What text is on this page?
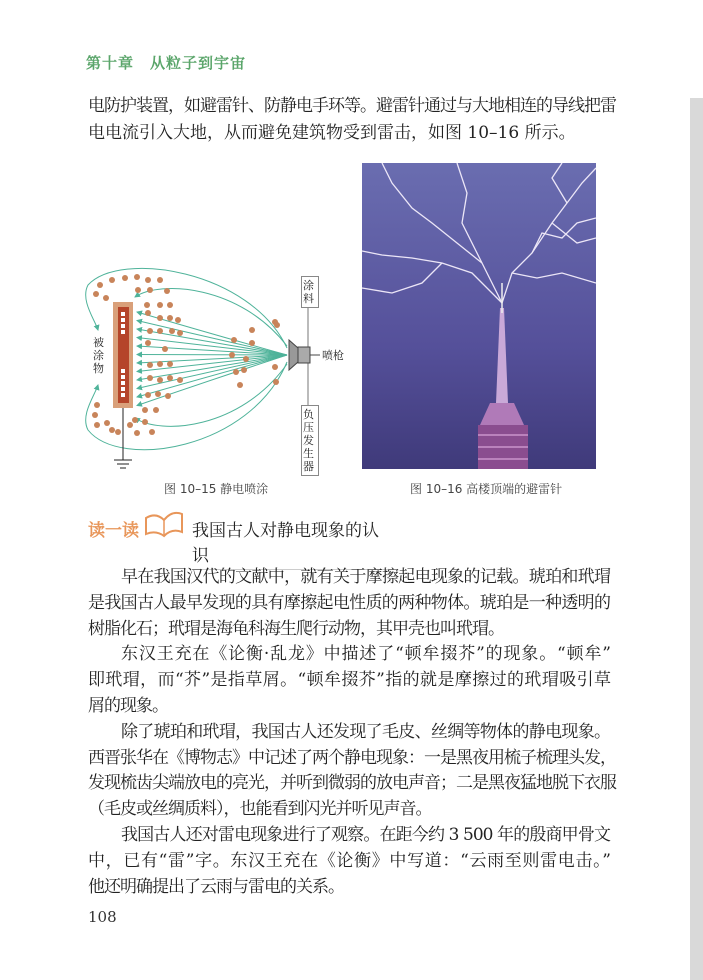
第十章　从粒子到宇宙
电防护装置，如避雷针、防静电手环等。避雷针通过与大地相连的导线把雷
电电流引入大地，从而避免建筑物受到雷击，如图 10–16 所示。
图 10–15 静电喷涂
被涂物
涂料
喷枪
负压发生器
图 10–16 高楼顶端的避雷针
读一读	我国古人对静电现象的认识
早在我国汉代的文献中，就有关于摩擦起电现象的记载。琥珀和玳瑁
是我国古人最早发现的具有摩擦起电性质的两种物体。琥珀是一种透明的
树脂化石；玳瑁是海龟科海生爬行动物，其甲壳也叫玳瑁。
东汉王充在《论衡·乱龙》中描述了“顿牟掇芥”的现象。“顿牟”
即玳瑁，而“芥”是指草屑。“顿牟掇芥”指的就是摩擦过的玳瑁吸引草
屑的现象。
除了琥珀和玳瑁，我国古人还发现了毛皮、丝绸等物体的静电现象。
西晋张华在《博物志》中记述了两个静电现象：一是黑夜用梳子梳理头发，
发现梳齿尖端放电的亮光，并听到微弱的放电声音；二是黑夜猛地脱下衣服
（毛皮或丝绸质料），也能看到闪光并听见声音。
我国古人还对雷电现象进行了观察。在距今约 3 500 年的殷商甲骨文
中，已有“雷”字。东汉王充在《论衡》中写道：“云雨至则雷电击。”
他还明确提出了云雨与雷电的关系。
108
